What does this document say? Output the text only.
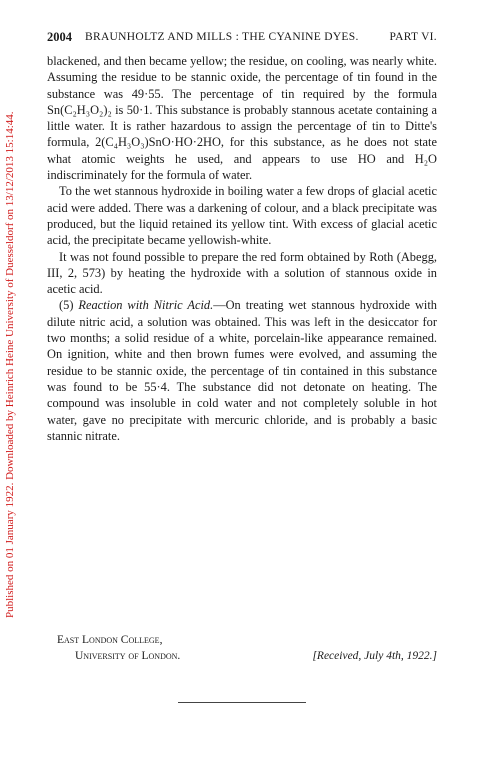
Published on 01 January 1922. Downloaded by Heinrich Heine University of Duesseldorf on 13/12/2013 15:14:44.
2004 BRAUNHOLTZ AND MILLS : THE CYANINE DYES.	PART VI.

blackened, and then became yellow; the residue, on cooling, was nearly white. Assuming the residue to be stannic oxide, the percentage of tin found in the substance was 49·55. The percentage of tin required by the formula Sn(C₂H₃O₂)₂ is 50·1. This substance is probably stannous acetate containing a little water. It is rather hazardous to assign the percentage of tin to Ditte's formula, 2(C₄H₃O₃)SnO·HO·2HO, for this substance, as he does not state what atomic weights he used, and appears to use HO and H₂O indiscriminately for the formula of water.

To the wet stannous hydroxide in boiling water a few drops of glacial acetic acid were added. There was a darkening of colour, and a black precipitate was produced, but the liquid retained its yellow tint. With excess of glacial acetic acid, the precipitate became yellowish-white.

It was not found possible to prepare the red form obtained by Roth (Abegg, III, 2, 573) by heating the hydroxide with a solution of stannous oxide in acetic acid.

(5) Reaction with Nitric Acid.—On treating wet stannous hydroxide with dilute nitric acid, a solution was obtained. This was left in the desiccator for two months; a solid residue of a white, porcelain-like appearance remained. On ignition, white and then brown fumes were evolved, and assuming the residue to be stannic oxide, the percentage of tin contained in this substance was found to be 55·4. The substance did not detonate on heating. The compound was insoluble in cold water and not completely soluble in hot water, gave no precipitate with mercuric chloride, and is probably a basic stannic nitrate.

East London College,
University of London.	[Received, July 4th, 1922.]
